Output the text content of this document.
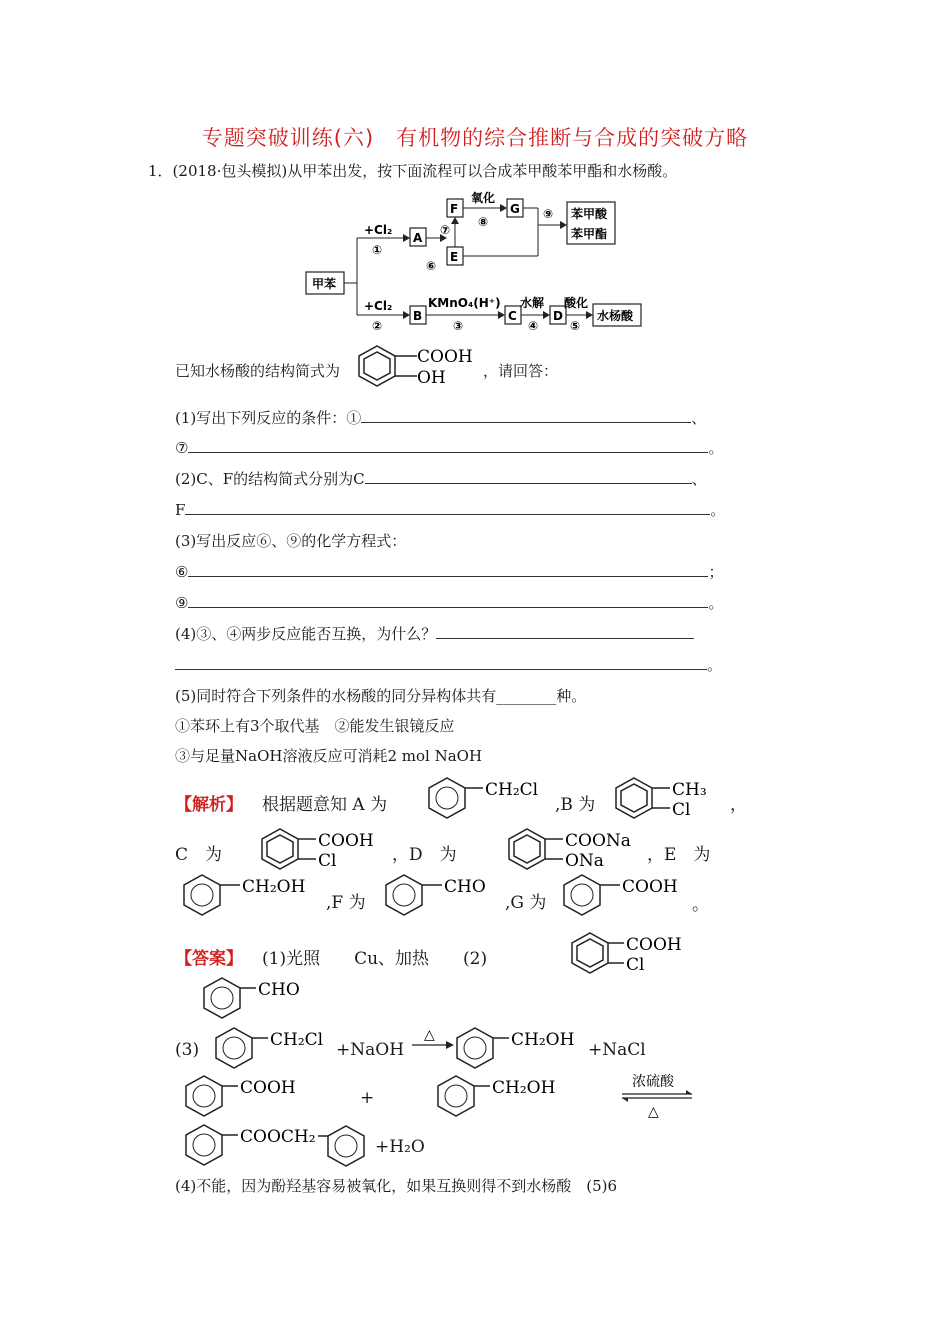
专题突破训练(六)　有机物的综合推断与合成的突破方略
1．(2018·包头模拟)从甲苯出发，按下面流程可以合成苯甲酸苯甲酯和水杨酸。
甲苯
+Cl₂
①
+Cl₂
②
A
⑥
E
⑦
F
氧化
⑧
G ⑨ 苯甲酸
苯甲酯
B
KMnO₄(H⁺)
③
C
水解
④
D
酸化
⑤
水杨酸
已知水杨酸的结构简式为
COOH
OH ，请回答：
(1)写出下列反应的条件：①	、
⑦	。
(2)C、F的结构简式分别为C	、
F	。
(3)写出反应⑥、⑨的化学方程式：
⑥	；
⑨	。
(4)③、④两步反应能否互换，为什么？
。
(5)同时符合下列条件的水杨酸的同分异构体共有________种。
①苯环上有3个取代基　②能发生银镜反应
③与足量NaOH溶液反应可消耗2 mol NaOH
【解析】 根据题意知 A 为
CH₂Cl
,B 为
CH₃
Cl ，
C　为
COOH
Cl	，D　为
COONa
ONa	，E　为
CH₂OH
,F 为
CHO
,G 为
COOH
。
【答案】 (1)光照　　Cu、加热　　(2)
COOH
Cl
CHO
(3)	CH₂Cl +NaOH
△	CH₂OH +NaCl
COOH	+	CH₂OH	浓硫酸
△
COOCH₂	+H₂O
(4)不能，因为酚羟基容易被氧化，如果互换则得不到水杨酸　(5)6
